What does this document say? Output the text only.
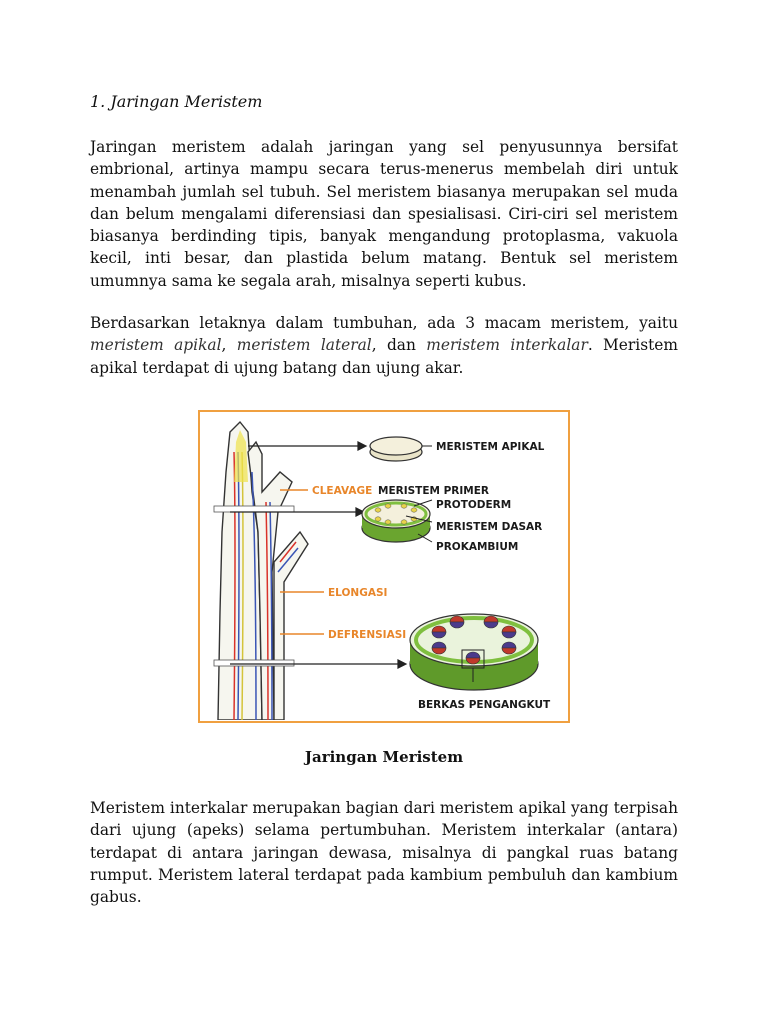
1. Jaringan Meristem

Jaringan meristem adalah jaringan yang sel penyusunnya bersifat embrional, artinya mampu secara terus-menerus membelah diri untuk menambah jumlah sel tubuh. Sel meristem biasanya merupakan sel muda dan belum mengalami diferensiasi dan spesialisasi. Ciri-ciri sel meristem biasanya berdinding tipis, banyak mengandung protoplasma, vakuola kecil, inti besar, dan plastida belum matang. Bentuk sel meristem umumnya sama ke segala arah, misalnya seperti kubus.

Berdasarkan letaknya dalam tumbuhan, ada 3 macam meristem, yaitu meristem apikal, meristem lateral, dan meristem interkalar. Meristem apikal terdapat di ujung batang dan ujung akar.

Meristem interkalar merupakan bagian dari meristem apikal yang terpisah dari ujung (apeks) selama pertumbuhan. Meristem interkalar (antara) terdapat di antara jaringan dewasa, misalnya di pangkal ruas batang rumput. Meristem lateral terdapat pada kambium pembuluh dan kambium gabus.

MERISTEM APIKAL
MERISTEM PRIMER
PROTODERM
MERISTEM DASAR
PROKAMBIUM
BERKAS PENGANGKUT
CLEAVAGE
ELONGASI
DEFRENSIASI

Jaringan Meristem
